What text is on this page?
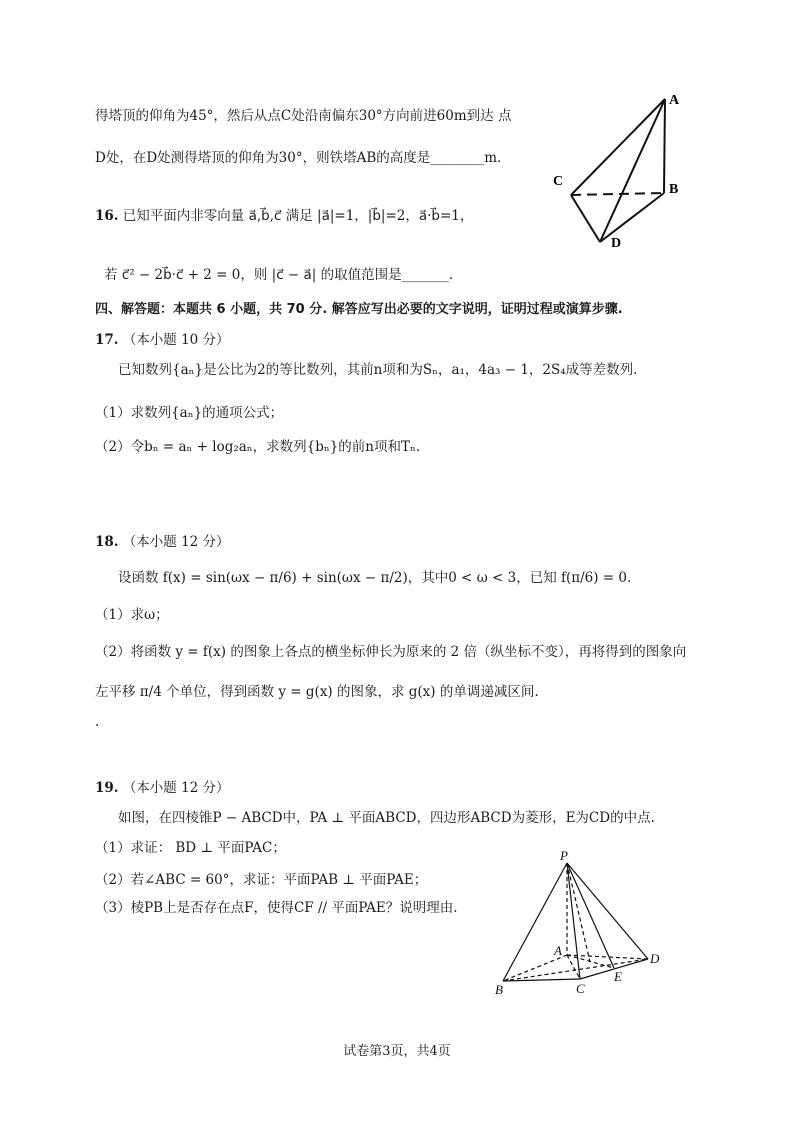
得塔顶的仰角为45°，然后从点C处沿南偏东30°方向前进60m到达 点
D处，在D处测得塔顶的仰角为30°，则铁塔AB的高度是________m.
A
B
C
D
16. 已知平面内非零向量 a⃗,b⃗,c⃗ 满足 |a⃗|=1，|b⃗|=2，a⃗·b⃗=1，
若 c⃗² − 2b⃗·c⃗ + 2 = 0，则 |c⃗ − a⃗| 的取值范围是_______.
四、解答题：本题共 6 小题，共 70 分. 解答应写出必要的文字说明，证明过程或演算步骤.
17. （本小题 10 分）
已知数列{aₙ}是公比为2的等比数列，其前n项和为Sₙ，a₁，4a₃ − 1，2S₄成等差数列.
（1）求数列{aₙ}的通项公式；
（2）令bₙ = aₙ + log₂aₙ，求数列{bₙ}的前n项和Tₙ.
18. （本小题 12 分）
设函数 f(x) = sin(ωx − π/6) + sin(ωx − π/2)，其中0 < ω < 3，已知 f(π/6) = 0.
（1）求ω；
（2）将函数 y = f(x) 的图象上各点的横坐标伸长为原来的 2 倍（纵坐标不变），再将得到的图象向
左平移 π/4 个单位，得到函数 y = g(x) 的图象，求 g(x) 的单调递减区间.
.
19. （本小题 12 分）
如图，在四棱锥P − ABCD中，PA ⊥ 平面ABCD，四边形ABCD为菱形，E为CD的中点.
（1）求证： BD ⊥ 平面PAC；
（2）若∠ABC = 60°，求证：平面PAB ⊥ 平面PAE；
（3）棱PB上是否存在点F，使得CF // 平面PAE？说明理由.
P
A
B	C
D
E
试卷第3页，共4页
